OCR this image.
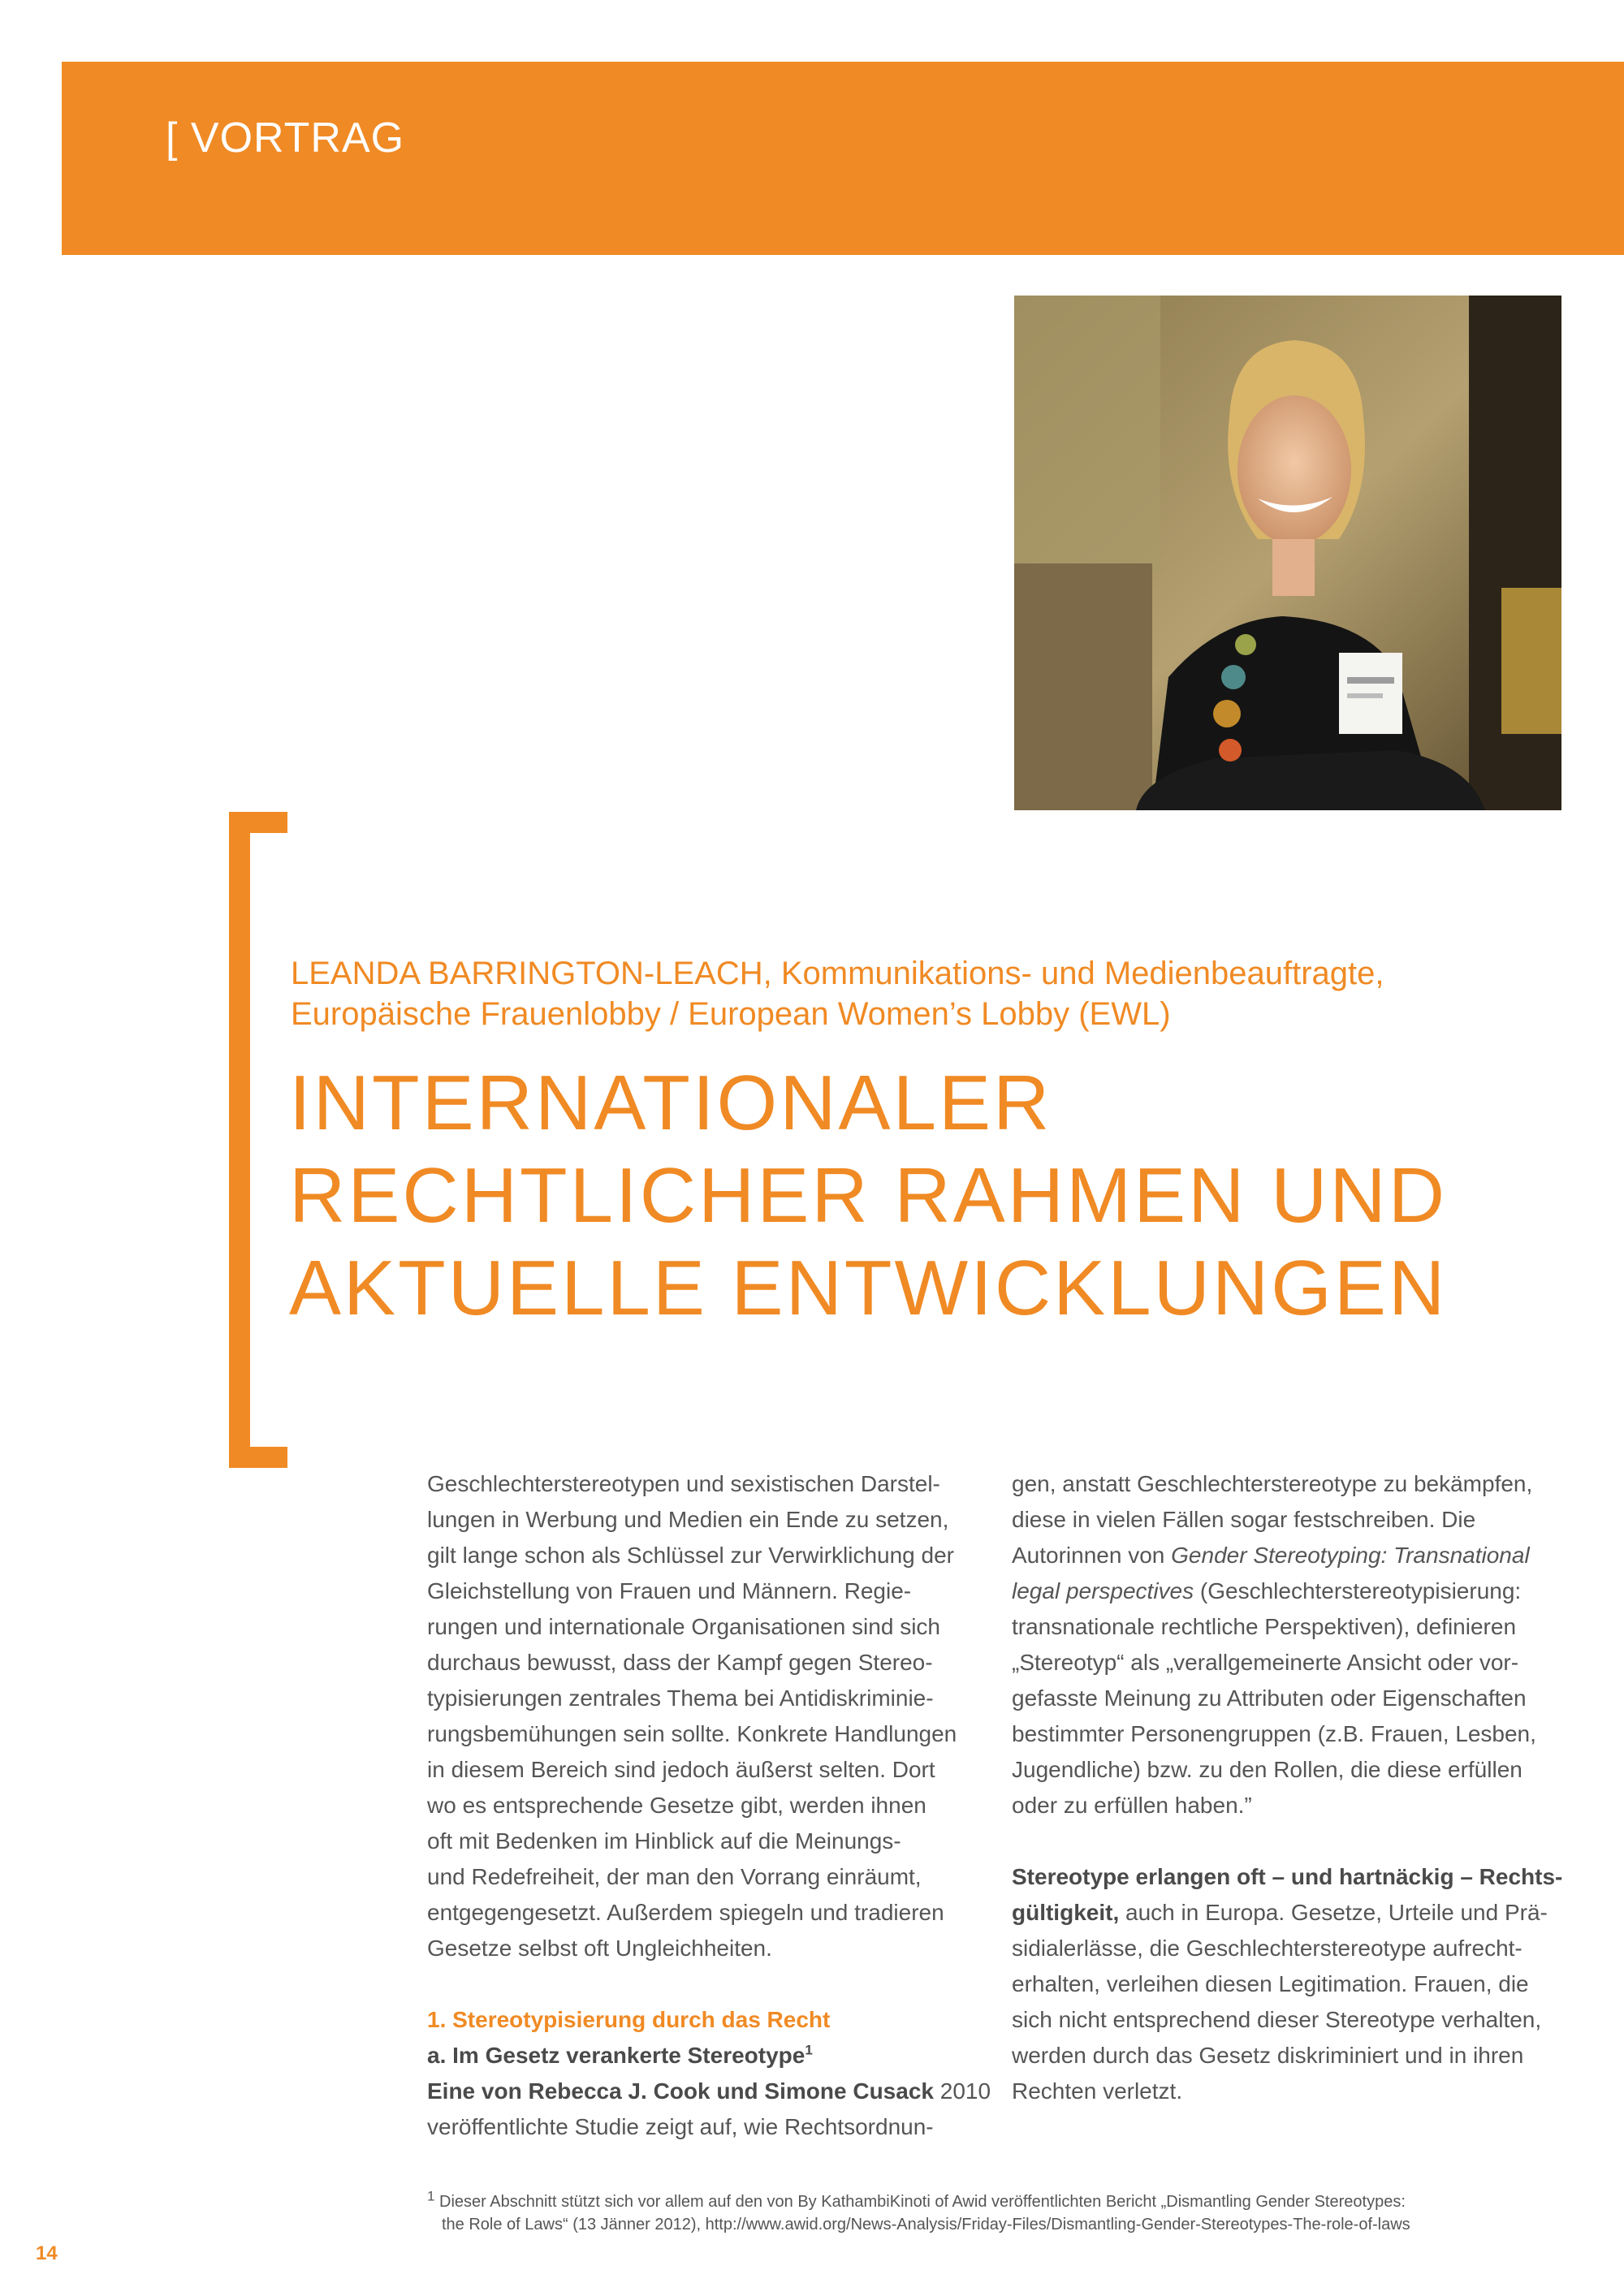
[ VORTRAG
LEANDA BARRINGTON-LEACH, Kommunikations- und Medienbeauftragte,
Europäische Frauenlobby / European Women’s Lobby (EWL)
INTERNATIONALER
RECHTLICHER RAHMEN UND
AKTUELLE ENTWICKLUNGEN
Geschlechterstereotypen und sexistischen Darstel-
lungen in Werbung und Medien ein Ende zu setzen,
gilt lange schon als Schlüssel zur Verwirklichung der
Gleichstellung von Frauen und Männern. Regie-
rungen und internationale Organisationen sind sich
durchaus bewusst, dass der Kampf gegen Stereo-
typisierungen zentrales Thema bei Antidiskriminie-
rungsbemühungen sein sollte. Konkrete Handlungen
in diesem Bereich sind jedoch äußerst selten. Dort
wo es entsprechende Gesetze gibt, werden ihnen
oft mit Bedenken im Hinblick auf die Meinungs-
und Redefreiheit, der man den Vorrang einräumt,
entgegengesetzt. Außerdem spiegeln und tradieren
Gesetze selbst oft Ungleichheiten.
1. Stereotypisierung durch das Recht
a. Im Gesetz verankerte Stereotype$^1$
Eine von Rebecca J. Cook und Simone Cusack 2010
veröffentlichte Studie zeigt auf, wie Rechtsordnun-
gen, anstatt Geschlechterstereotype zu bekämpfen,
diese in vielen Fällen sogar festschreiben. Die
Autorinnen von Gender Stereotyping: Transnational
legal perspectives (Geschlechterstereotypisierung:
transnationale rechtliche Perspektiven), definieren
„Stereotyp“ als „verallgemeinerte Ansicht oder vor-
gefasste Meinung zu Attributen oder Eigenschaften
bestimmter Personengruppen (z.B. Frauen, Lesben,
Jugendliche) bzw. zu den Rollen, die diese erfüllen
oder zu erfüllen haben.”
Stereotype erlangen oft – und hartnäckig – Rechts-
gültigkeit, auch in Europa. Gesetze, Urteile und Prä-
sidialerlässe, die Geschlechterstereotype aufrecht-
erhalten, verleihen diesen Legitimation. Frauen, die
sich nicht entsprechend dieser Stereotype verhalten,
werden durch das Gesetz diskriminiert und in ihren
Rechten verletzt.
$^1$ Dieser Abschnitt stützt sich vor allem auf den von By KathambiKinoti of Awid veröffentlichten Bericht „Dismantling Gender Stereotypes:
the Role of Laws“ (13 Jänner 2012), http://www.awid.org/News-Analysis/Friday-Files/Dismantling-Gender-Stereotypes-The-role-of-laws
14
